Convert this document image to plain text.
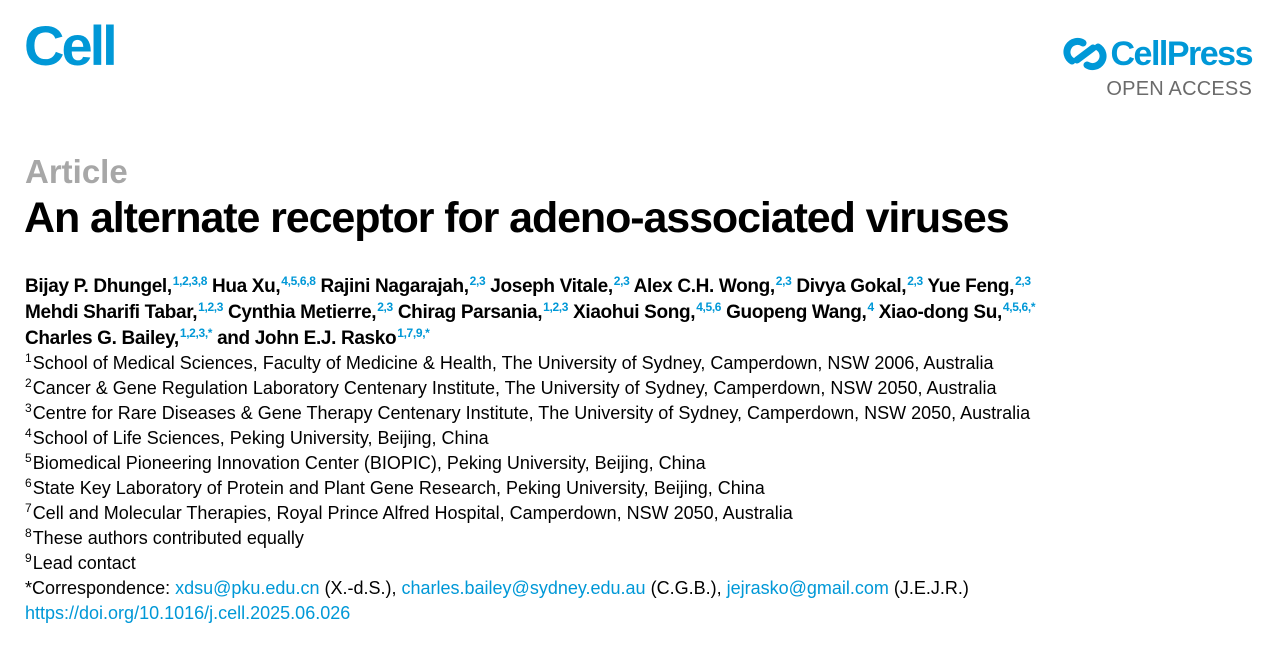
Cell	CellPress
OPEN ACCESS
Article
An alternate receptor for adeno-associated viruses
Bijay P. Dhungel,$^{1,2,3,8}$ Hua Xu,$^{4,5,6,8}$ Rajini Nagarajah,$^{2,3}$ Joseph Vitale,$^{2,3}$ Alex C.H. Wong,$^{2,3}$ Divya Gokal,$^{2,3}$ Yue Feng,$^{2,3}$
Mehdi Sharifi Tabar,$^{1,2,3}$ Cynthia Metierre,$^{2,3}$ Chirag Parsania,$^{1,2,3}$ Xiaohui Song,$^{4,5,6}$ Guopeng Wang,$^4$ Xiao-dong Su,$^{4,5,6,*}$
Charles G. Bailey,$^{1,2,3,*}$ and John E.J. Rasko$^{1,7,9,*}$
$^1$School of Medical Sciences, Faculty of Medicine & Health, The University of Sydney, Camperdown, NSW 2006, Australia
$^2$Cancer & Gene Regulation Laboratory Centenary Institute, The University of Sydney, Camperdown, NSW 2050, Australia
$^3$Centre for Rare Diseases & Gene Therapy Centenary Institute, The University of Sydney, Camperdown, NSW 2050, Australia
$^4$School of Life Sciences, Peking University, Beijing, China
$^5$Biomedical Pioneering Innovation Center (BIOPIC), Peking University, Beijing, China
$^6$State Key Laboratory of Protein and Plant Gene Research, Peking University, Beijing, China
$^7$Cell and Molecular Therapies, Royal Prince Alfred Hospital, Camperdown, NSW 2050, Australia
$^8$These authors contributed equally
$^9$Lead contact
*Correspondence: xdsu@pku.edu.cn (X.-d.S.), charles.bailey@sydney.edu.au (C.G.B.), jejrasko@gmail.com (J.E.J.R.)
https://doi.org/10.1016/j.cell.2025.06.026
